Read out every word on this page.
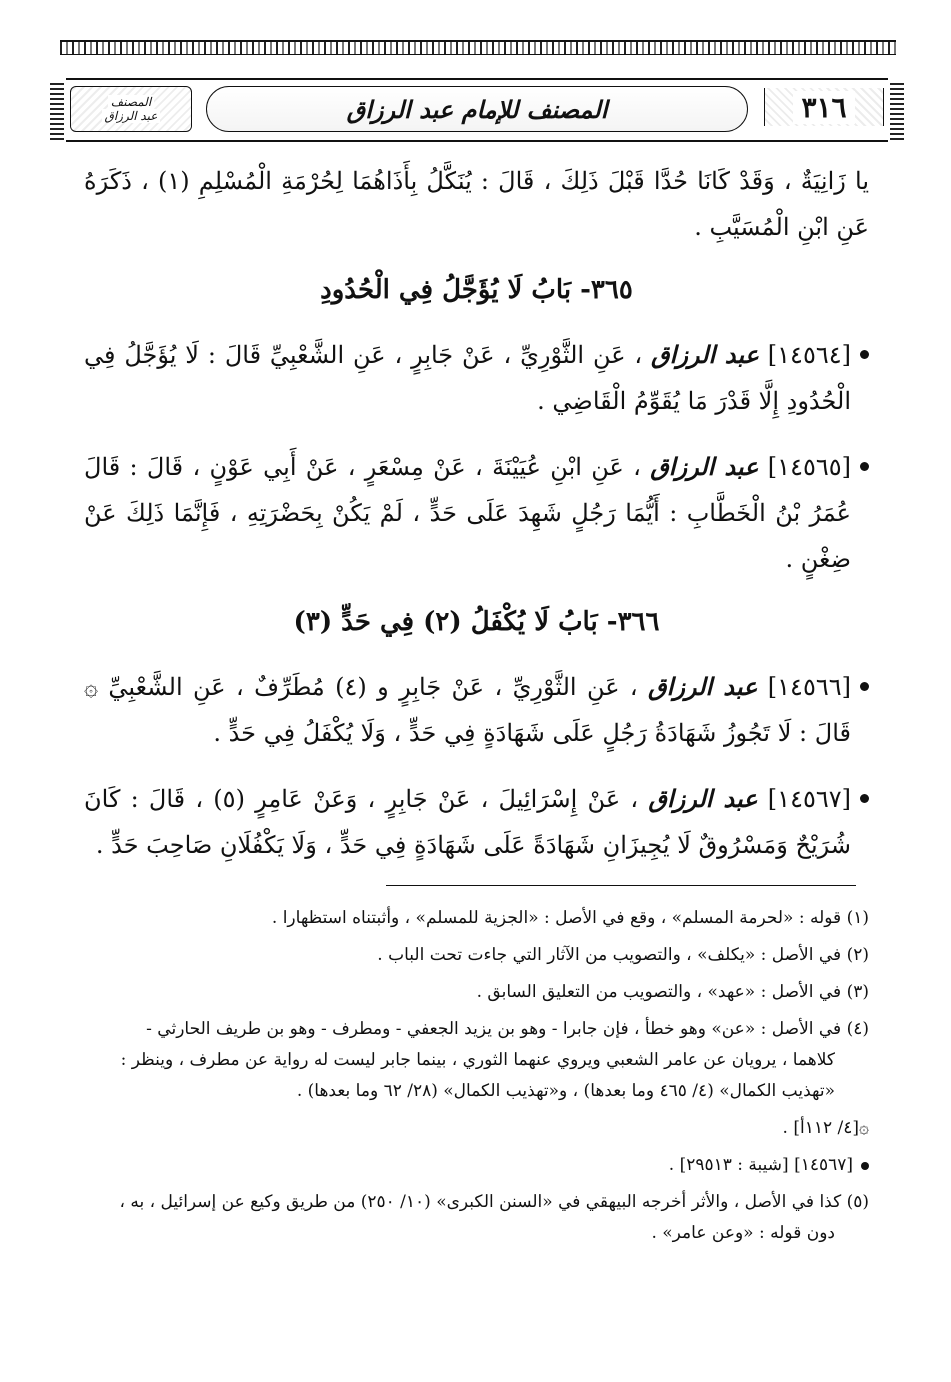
المصنف
عبد الرزاق	المصنف للإمام عبد الرزاق	٣١٦

يا زَانِيَةٌ ، وَقَدْ كَانَا حُدَّا قَبْلَ ذَلِكَ ، قَالَ : يُنَكَّلُ بِأَذَاهُمَا لِحُرْمَةِ الْمُسْلِمِ (١) ، ذَكَرَهُ عَنِ ابْنِ الْمُسَيَّبِ .

٣٦٥- بَابُ لَا يُؤَجَّلُ فِي الْحُدُودِ

[١٤٥٦٤] عبد الرزاق ، عَنِ الثَّوْرِيِّ ، عَنْ جَابِرٍ ، عَنِ الشَّعْبِيِّ قَالَ : لَا يُؤَجَّلُ فِي الْحُدُودِ إِلَّا قَدْرَ مَا يُقَوِّمُ الْقَاضِي .

[١٤٥٦٥] عبد الرزاق ، عَنِ ابْنِ عُيَيْنَةَ ، عَنْ مِسْعَرٍ ، عَنْ أَبِي عَوْنٍ ، قَالَ : قَالَ عُمَرُ بْنُ الْخَطَّابِ : أَيُّمَا رَجُلٍ شَهِدَ عَلَى حَدٍّ ، لَمْ يَكُنْ بِحَضْرَتِهِ ، فَإِنَّمَا ذَلِكَ عَنْ ضِغْنٍ .

٣٦٦- بَابُ لَا يُكْفَلُ (٢) فِي حَدٍّ (٣)

[١٤٥٦٦] عبد الرزاق ، عَنِ الثَّوْرِيِّ ، عَنْ جَابِرٍ و (٤) مُطَرِّفٌ ، عَنِ الشَّعْبِيِّ ۞ قَالَ : لَا تَجُوزُ شَهَادَةُ رَجُلٍ عَلَى شَهَادَةٍ فِي حَدٍّ ، وَلَا يُكْفَلُ فِي حَدٍّ .

[١٤٥٦٧] عبد الرزاق ، عَنْ إِسْرَائِيلَ ، عَنْ جَابِرٍ ، وَعَنْ عَامِرٍ (٥) ، قَالَ : كَانَ شُرَيْحٌ وَمَسْرُوقٌ لَا يُجِيزَانِ شَهَادَةً عَلَى شَهَادَةٍ فِي حَدٍّ ، وَلَا يَكْفُلَانِ صَاحِبَ حَدٍّ .

(١) قوله : «لحرمة المسلم» ، وقع في الأصل : «الجزية للمسلم» ، وأثبتناه استظهارا .

(٢) في الأصل : «يكلف» ، والتصويب من الآثار التي جاءت تحت الباب .

(٣) في الأصل : «عهد» ، والتصويب من التعليق السابق .

(٤) في الأصل : «عن» وهو خطأ ، فإن جابرا - وهو بن يزيد الجعفي - ومطرف - وهو بن طريف الحارثي -
كلاهما ، يرويان عن عامر الشعبي ويروي عنهما الثوري ، بينما جابر ليست له رواية عن مطرف ، وينظر :
«تهذيب الكمال» (٤/ ٤٦٥ وما بعدها) ، و«تهذيب الكمال» (٢٨/ ٦٢ وما بعدها) .

۞[٤/ ١١٢أ] .

[١٤٥٦٧] [شيبة : ٢٩٥١٣] .

(٥) كذا في الأصل ، والأثر أخرجه البيهقي في «السنن الكبرى» (١٠/ ٢٥٠) من طريق وكيع عن إسرائيل ، به ،
دون قوله : «وعن عامر» .
